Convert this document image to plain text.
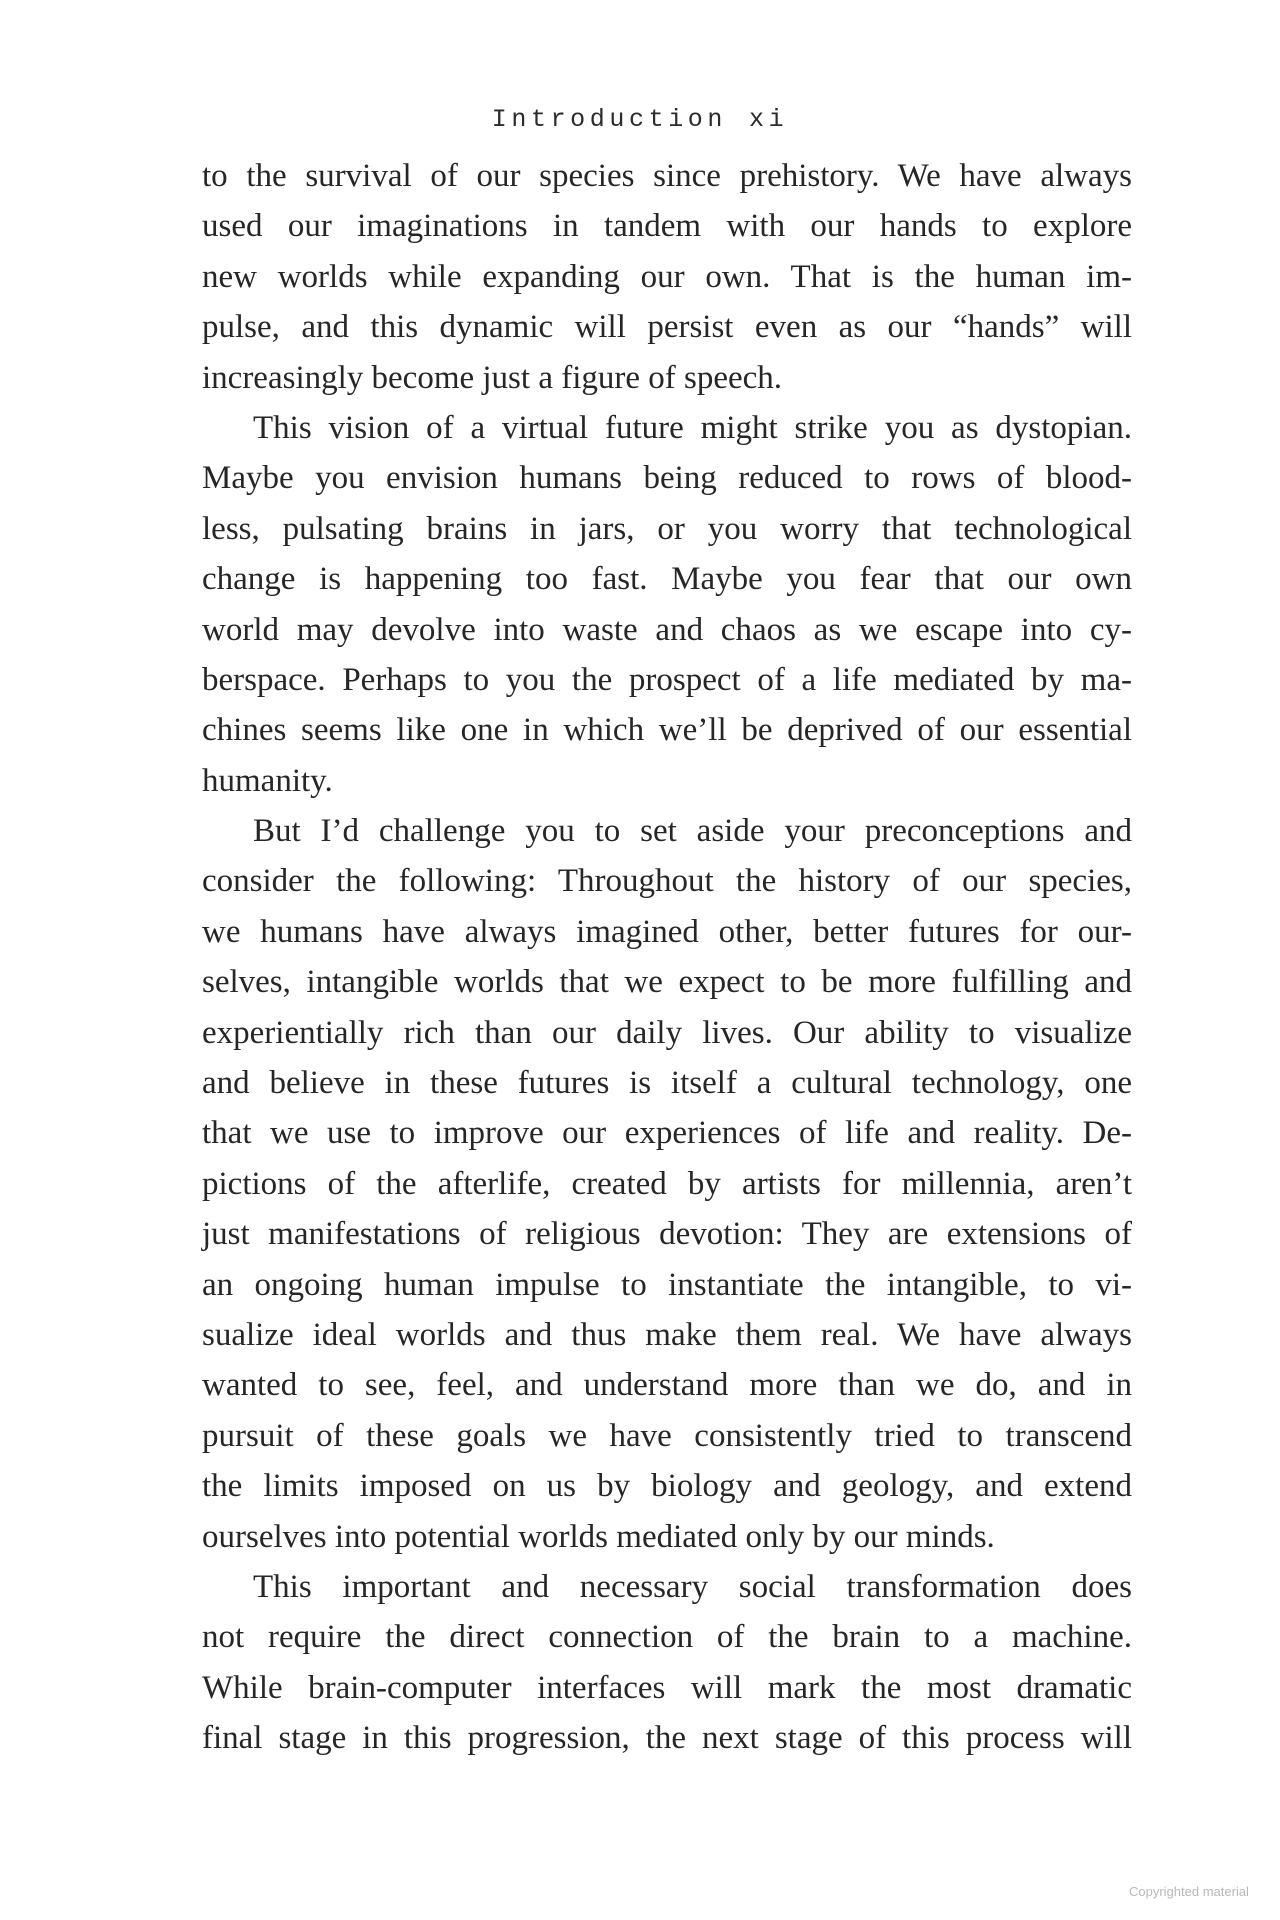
Introduction xi
to the survival of our species since prehistory. We have always
used our imaginations in tandem with our hands to explore
new worlds while expanding our own. That is the human im-
pulse, and this dynamic will persist even as our “hands” will
increasingly become just a figure of speech.
This vision of a virtual future might strike you as dystopian.
Maybe you envision humans being reduced to rows of blood-
less, pulsating brains in jars, or you worry that technological
change is happening too fast. Maybe you fear that our own
world may devolve into waste and chaos as we escape into cy-
berspace. Perhaps to you the prospect of a life mediated by ma-
chines seems like one in which we’ll be deprived of our essential
humanity.
But I’d challenge you to set aside your preconceptions and
consider the following: Throughout the history of our species,
we humans have always imagined other, better futures for our-
selves, intangible worlds that we expect to be more fulfilling and
experientially rich than our daily lives. Our ability to visualize
and believe in these futures is itself a cultural technology, one
that we use to improve our experiences of life and reality. De-
pictions of the afterlife, created by artists for millennia, aren’t
just manifestations of religious devotion: They are extensions of
an ongoing human impulse to instantiate the intangible, to vi-
sualize ideal worlds and thus make them real. We have always
wanted to see, feel, and understand more than we do, and in
pursuit of these goals we have consistently tried to transcend
the limits imposed on us by biology and geology, and extend
ourselves into potential worlds mediated only by our minds.
This important and necessary social transformation does
not require the direct connection of the brain to a machine.
While brain-computer interfaces will mark the most dramatic
final stage in this progression, the next stage of this process will
Copyrighted material
